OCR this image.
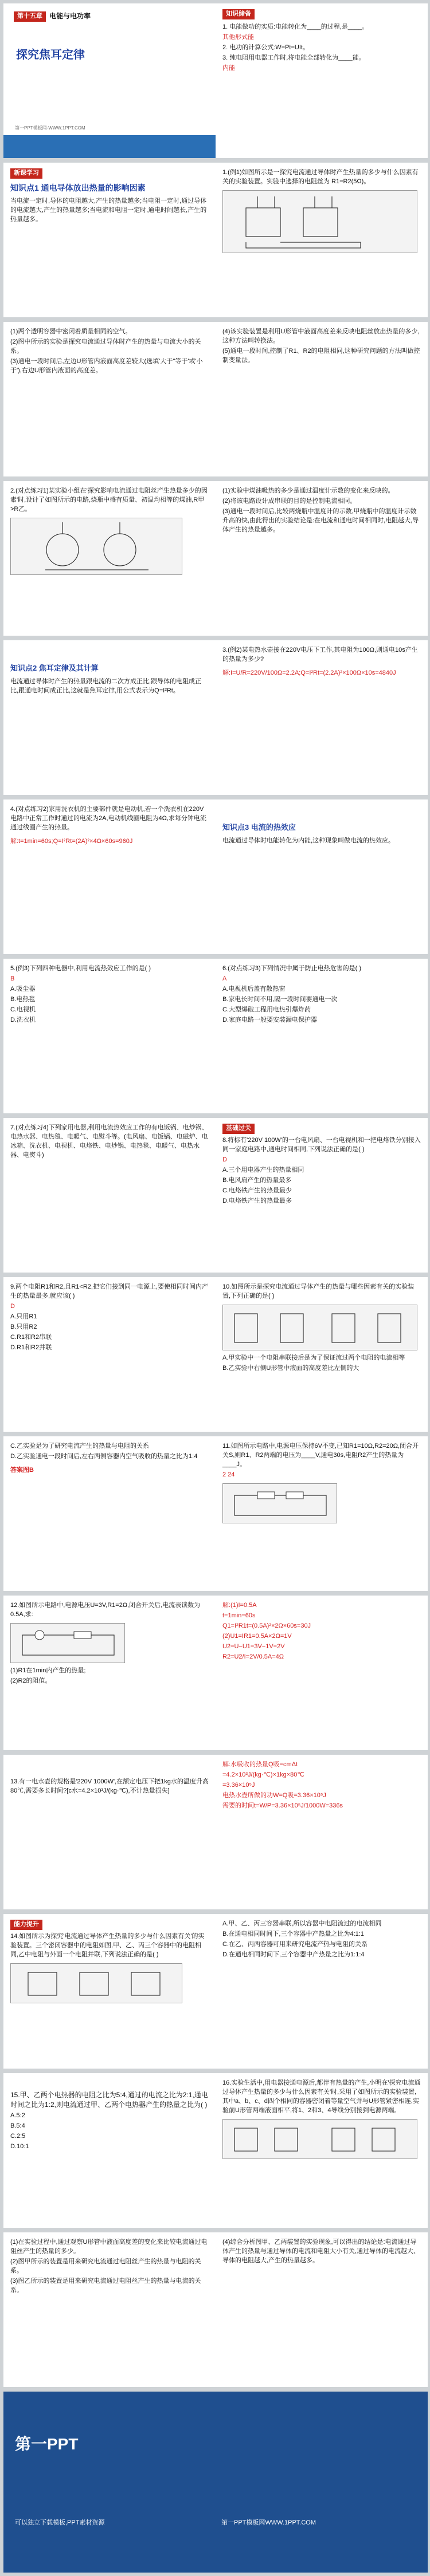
第十五章	电能与电功率
探究焦耳定律
第一PPT模板网-WWW.1PPT.COM
知识储备

1. 电能做功的实质:电能转化为____的过程,是____。

其他形式能

2. 电功的计算公式:W=Pt=UIt。

3. 纯电阻用电器工作时,将电能全部转化为____能。

内能

新课学习

知识点1 通电导体放出热量的影响因素

当电流一定时,导体的电阻越大,产生的热量越多;当电阻一定时,通过导体的电流越大,产生的热量越多;当电流和电阻一定时,通电时间越长,产生的热量越多。

1.(例1)如图所示是一探究电流通过导体时产生热量的多少与什么因素有关的实验装置。实验中选择的电阻丝为 R1=R2(5Ω)。

(1)两个透明容器中密闭着质量相同的空气。

(2)图中所示的实验是探究电流通过导体时产生的热量与电流大小的关系。

(3)通电一段时间后,左边U形管内液面高度差较大(选填'大于''等于'或'小于'),右边U形管内液面的高度差。

(4)该实验装置是利用U形管中液面高度差来反映电阻丝放出热量的多少,这种方法叫转换法。

(5)通电一段时间,控制了R1、R2的电阻相同,这种研究问题的方法叫做控制变量法。

2.(对点练习1)某实验小组在'探究影响电流通过电阻丝产生热量多少的因素'时,设计了如图所示的电路,烧瓶中盛有质量、初温均相等的煤油,R甲>R乙。

(1)实验中煤油吸热的多少是通过温度计示数的变化来反映的。

(2)将该电路设计成串联的目的是控制电流相同。

(3)通电一段时间后,比较两烧瓶中温度计的示数,甲烧瓶中的温度计示数升高的快,由此得出的实验结论是:在电流和通电时间相同时,电阻越大,导体产生的热量越多。

知识点2 焦耳定律及其计算

电流通过导体时产生的热量跟电流的二次方成正比,跟导体的电阻成正比,跟通电时间成正比,这就是焦耳定律,用公式表示为Q=I²Rt。

3.(例2)某电热水壶接在220V电压下工作,其电阻为100Ω,则通电10s产生的热量为多少?

解:I=U/R=220V/100Ω=2.2A;Q=I²Rt=(2.2A)²×100Ω×10s=4840J

4.(对点练习2)家用洗衣机的主要部件就是电动机,若一个洗衣机在220V电路中正常工作时通过的电流为2A,电动机线圈电阻为4Ω,求每分钟电流通过线圈产生的热量。

解:t=1min=60s;Q=I²Rt=(2A)²×4Ω×60s=960J

知识点3 电流的热效应

电流通过导体时电能转化为内能,这种现象叫做电流的热效应。

5.(例3)下列四种电器中,利用电流热效应工作的是( )

B

A.吸尘器

B.电热毯

C.电视机

D.洗衣机

6.(对点练习3)下列情况中属于防止电热危害的是( )

A

A.电视机后盖有散热窗

B.家电长时间不用,隔一段时间要通电一次

C.大型爆破工程用电热引爆炸药

D.家庭电路一般要安装漏电保护器

7.(对点练习4)下列家用电器,利用电流热效应工作的有电饭锅、电炒锅、电热水器、电热毯、电暖气、电熨斗等。(电风扇、电饭锅、电磁炉、电冰箱、洗衣机、电视机、电烙铁、电炒锅、电热毯、电暖气、电热水器、电熨斗)

基础过关

8.将标有'220V 100W'的一台电风扇、一台电视机和一把电烙铁分别接入同一家庭电路中,通电时间相同,下列说法正确的是( )

D

A.三个用电器产生的热量相同

B.电风扇产生的热量最多

C.电烙铁产生的热量最少

D.电烙铁产生的热量最多

9.两个电阻R1和R2,且R1<R2,把它们接到同一电源上,要使相同时间内产生的热量最多,就应该( )

D

A.只用R1

B.只用R2

C.R1和R2串联

D.R1和R2并联

10.如图所示是探究电流通过导体产生的热量与哪些因素有关的实验装置,下列正确的是( )

A.甲实验中一个电阻串联接后是为了保证流过两个电阻的电流相等

B.乙实验中右侧U形管中液面的高度差比左侧的大

C.乙实验是为了研究电流产生的热量与电阻的关系

D.乙实验通电一段时间后,左右两侧容器内空气吸收的热量之比为1:4

答案图B

11.如图所示电路中,电源电压保持6V不变,已知R1=10Ω,R2=20Ω,闭合开关S,则R1、R2两端的电压为____V,通电30s,电阻R2产生的热量为____J。

2 24

12.如图所示电路中,电源电压U=3V,R1=2Ω,闭合开关后,电流表读数为0.5A,求:

(1)R1在1min内产生的热量;

(2)R2的阻值。

解:(1)I=0.5A

t=1min=60s

Q1=I²R1t=(0.5A)²×2Ω×60s=30J

(2)U1=IR1=0.5A×2Ω=1V

U2=U−U1=3V−1V=2V

R2=U2/I=2V/0.5A=4Ω

13.有一电水壶的规格是'220V 1000W',在额定电压下把1kg水的温度升高80℃,需要多长时间?[c水=4.2×10³J/(kg·℃),不计热量损失]

解:水吸收的热量Q吸=cmΔt

=4.2×10³J/(kg·℃)×1kg×80℃

=3.36×10⁵J

电热水壶所做的功W=Q吸=3.36×10⁵J

需要的时间t=W/P=3.36×10⁵J/1000W=336s

能力提升

14.如图所示为探究'电流通过导体产生热量的多少与什么因素有关'的实验装置。三个密闭容器中的电阻如图,甲、乙、丙三个容器中的电阻相同,乙中电阻与外面一个电阻并联,下列说法正确的是( )

A.甲、乙、丙三容器串联,所以容器中电阻流过的电流相同

B.在通电相同时间下,三个容器中产热量之比为4:1:1

C.在乙、丙两容器可用来研究电流产热与电阻的关系

D.在通电相同时间下,三个容器中产热量之比为1:1:4

15.甲、乙两个电热器的电阻之比为5:4,通过的电流之比为2:1,通电时间之比为1:2,则电流通过甲、乙两个电热器产生的热量之比为( )

A.5:2

B.5:4

C.2:5

D.10:1

16.实验生活中,用电器接通电源后,都伴有热量的产生,小明在'探究电流通过导体产生热量的多少与什么因素有关'时,采用了如图所示的实验装置,其中a、b、c、d四个相同的容器密闭着等量空气并与U形管紧密相连,实验前U形管两端液面相平,将1、2和3、4导线分别接到电源两端。

(1)在实验过程中,通过观察U形管中液面高度差的变化来比较电流通过电阻丝产生的热量的多少。

(2)图甲所示的装置是用来研究电流通过电阻丝产生的热量与电阻的关系。

(3)图乙所示的装置是用来研究电流通过电阻丝产生的热量与电流的关系。

(4)综合分析图甲、乙两装置的实验现象,可以得出的结论是:电流通过导体产生的热量与通过导体的电流和电阻大小有关,通过导体的电流越大、导体的电阻越大,产生的热量越多。

第一PPT
可以独立下载模板,PPT素材资源	第一PPT模板网WWW.1PPT.COM
